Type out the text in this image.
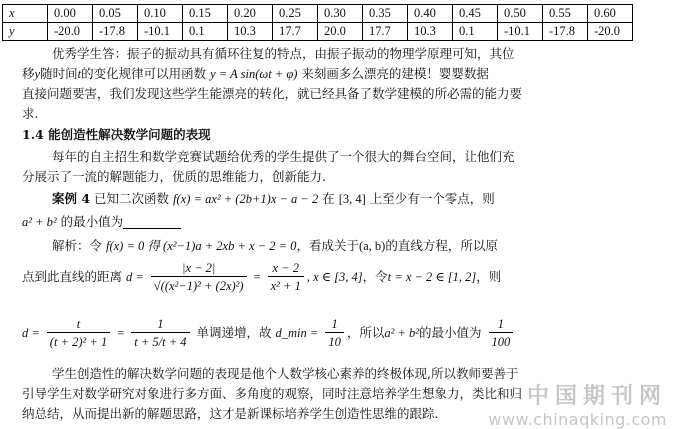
x	0.00	0.05	0.10	0.15	0.20	0.25	0.30	0.35	0.40	0.45	0.50	0.55	0.60
y	-20.0	-17.8	-10.1	0.1	10.3	17.7	20.0	17.7	10.3	0.1	-10.1	-17.8	-20.0
优秀学生答：振子的振动具有循环往复的特点，由振子振动的物理学原理可知，其位
移y随时间t的变化规律可以用函数 y = A sin(ωt + φ) 来刻画多么漂亮的建模！婴婴数据
直接问题要害，我们发现这些学生能漂亮的转化，就已经具备了数学建模的所必需的能力要
求.
1.4 能创造性解决数学问题的表现
每年的自主招生和数学竞赛试题给优秀的学生提供了一个很大的舞台空间，让他们充
分展示了一流的解题能力，优质的思维能力，创新能力.
案例 4 已知二次函数 f(x) = ax² + (2b+1)x − a − 2 在 [3, 4] 上至少有一个零点，则
a² + b² 的最小值为
解析：令 f(x) = 0 得 (x²−1)a + 2xb + x − 2 = 0，看成关于(a, b)的直线方程，所以原
点到此直线的距离 $d = \frac{|x - 2|}{\text{√((x²−1)² + (2x)²)}} = \frac{x - 2}{\text{x² + 1}}$ , x ∈ [3, 4]，令t = x − 2 ∈ [1, 2]，则
$d = \frac{t}{\text{(t + 2)² + 1}} = \frac{1}{t + 5/t + 4}$ 单调递增，故 d_min = $\frac{1}{10}$ ，所以a² + b²的最小值为 $\frac{1}{100}$
学生创造性的解决数学问题的表现是他个人数学核心素养的终极体现,所以教师要善于
引导学生对数学研究对象进行多方面、多角度的观察，同时注意培养学生想象力，类比和归
纳总结，从而提出新的解题思路，这才是新课标培养学生创造性思维的跟踪.
中国期刊网
www.chinaqking.com
